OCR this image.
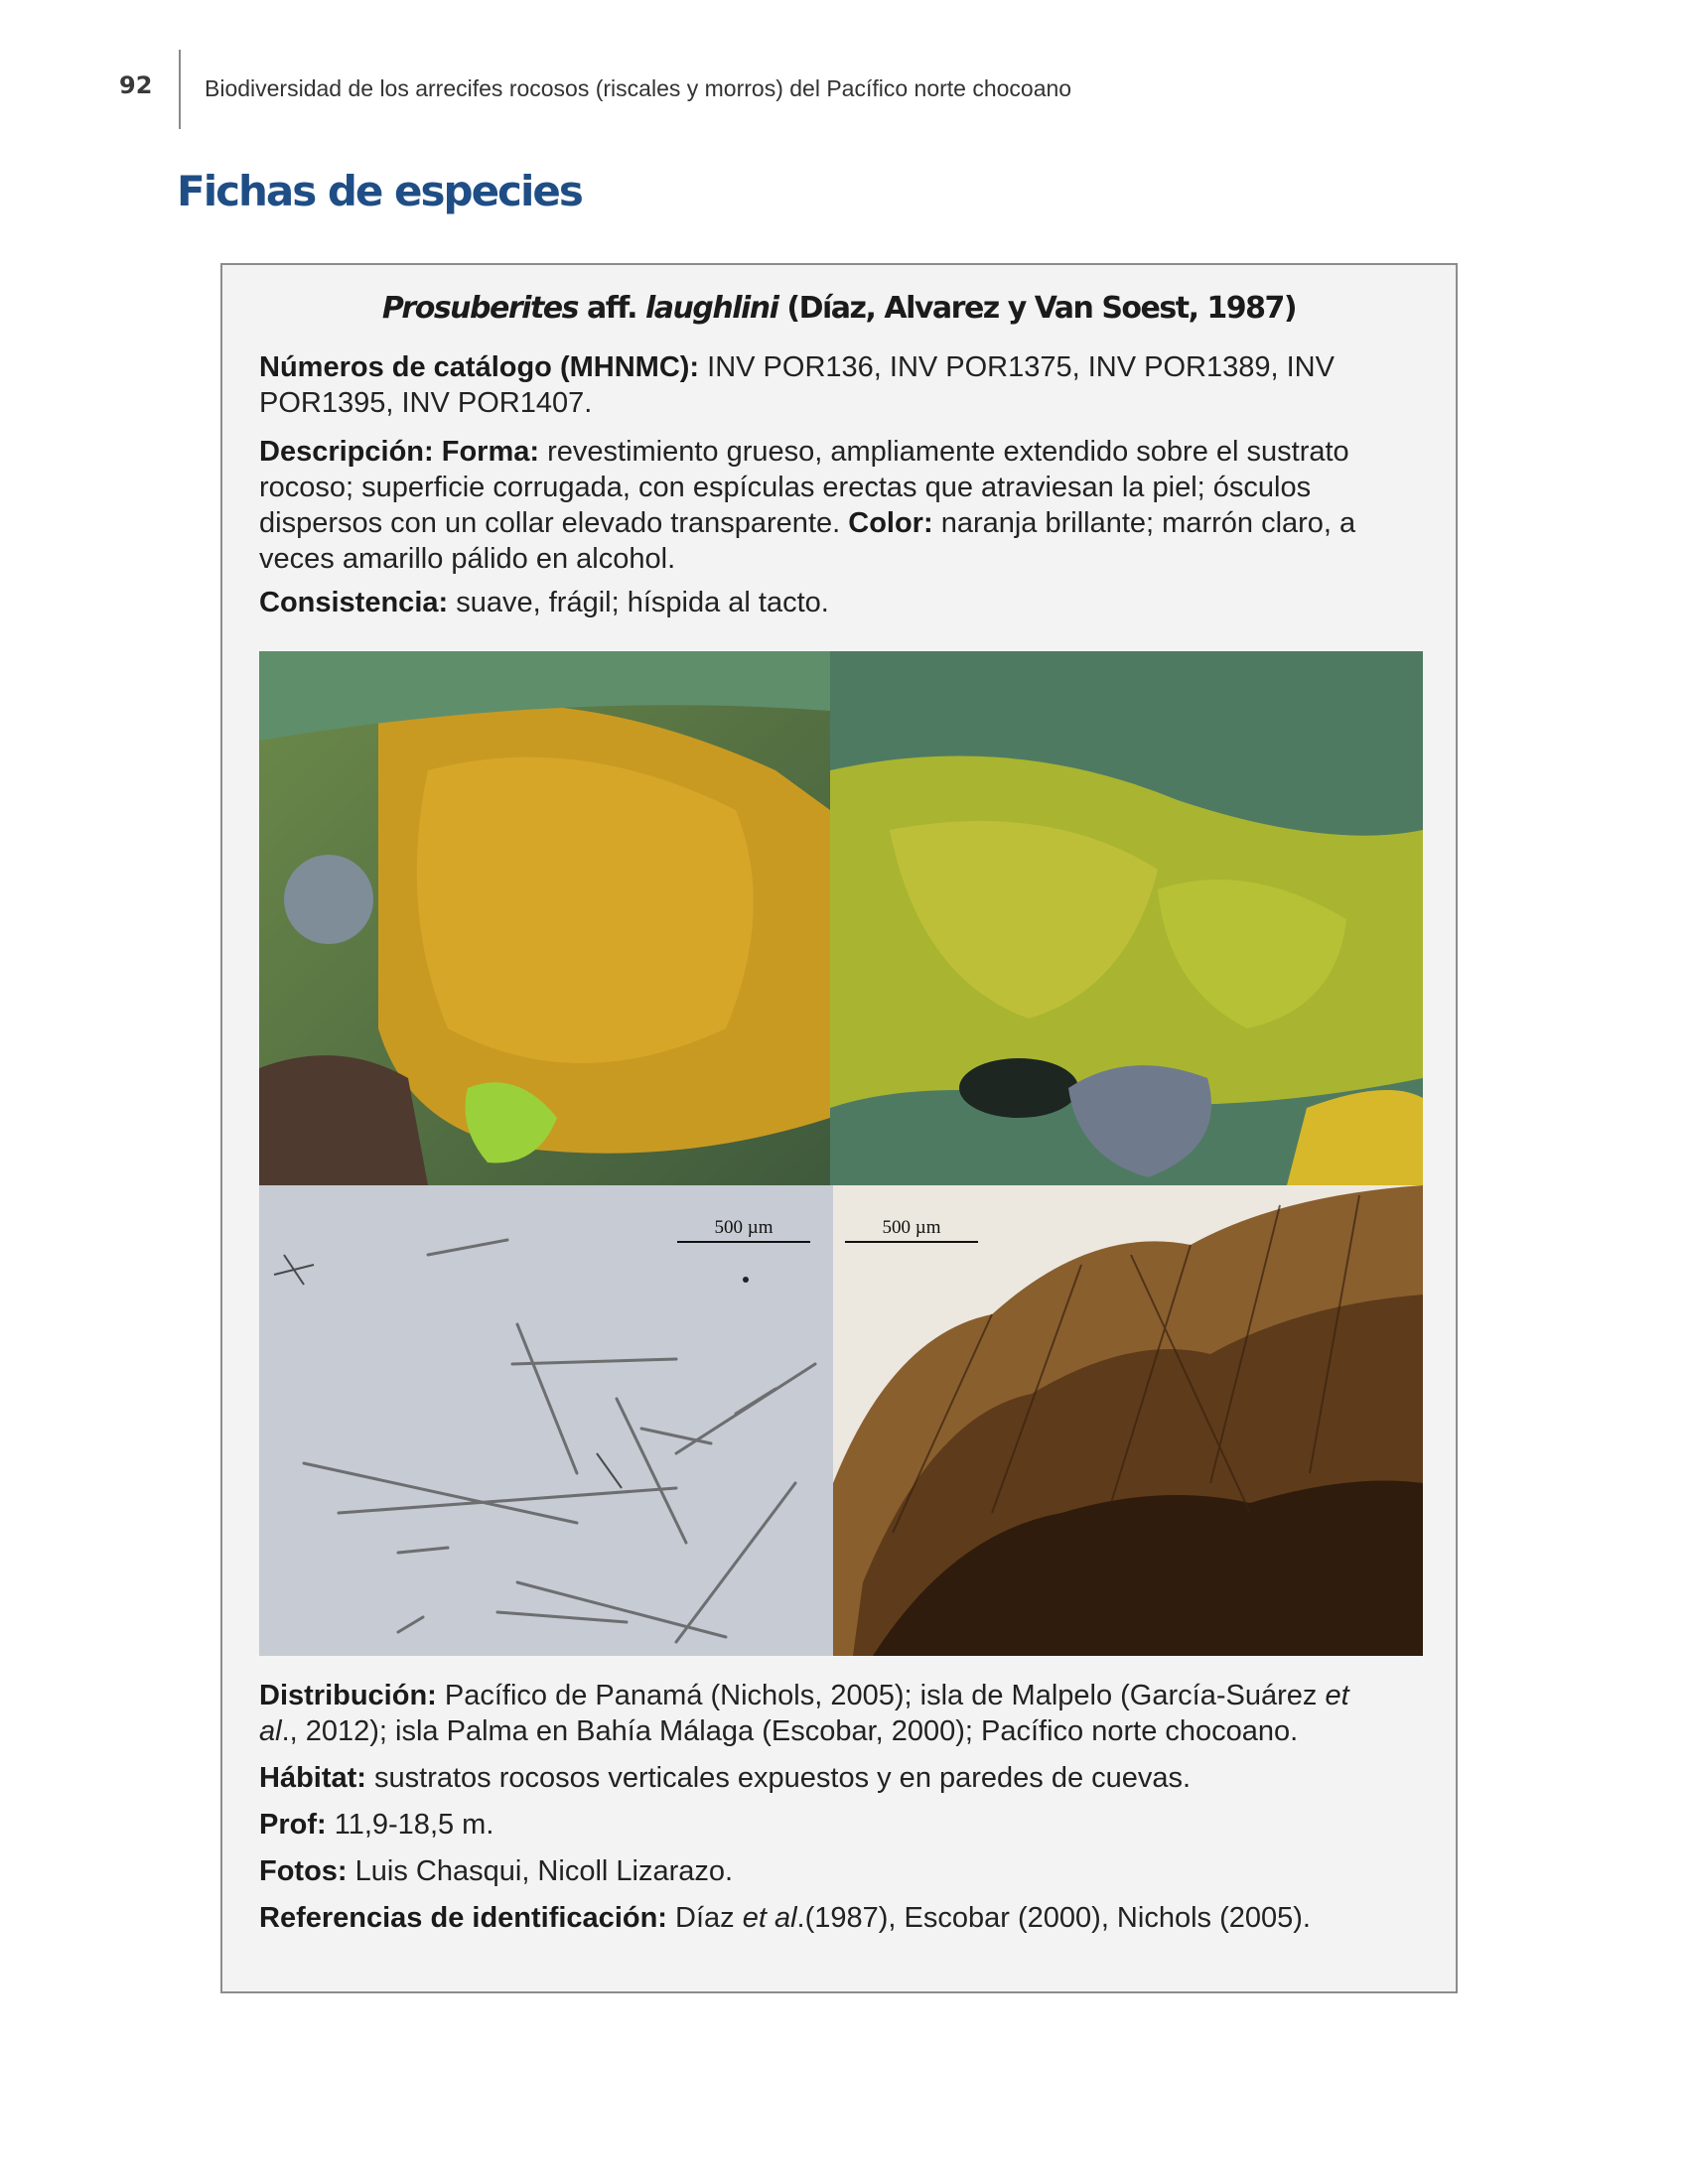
92 Biodiversidad de los arrecifes rocosos (riscales y morros) del Pacífico norte chocoano
Fichas de especies
Prosuberites aff. laughlini (Díaz, Alvarez y Van Soest, 1987)
Números de catálogo (MHNMC): INV POR136, INV POR1375, INV POR1389, INV POR1395, INV POR1407.
Descripción: Forma: revestimiento grueso, ampliamente extendido sobre el sustrato rocoso; superficie corrugada, con espículas erectas que atraviesan la piel; ósculos dispersos con un collar elevado transparente. Color: naranja brillante; marrón claro, a veces amarillo pálido en alcohol.
Consistencia: suave, frágil; híspida al tacto.
500 µm	500 µm
Distribución: Pacífico de Panamá (Nichols, 2005); isla de Malpelo (García-Suárez et al., 2012); isla Palma en Bahía Málaga (Escobar, 2000); Pacífico norte chocoano.
Hábitat: sustratos rocosos verticales expuestos y en paredes de cuevas.
Prof: 11,9-18,5 m.
Fotos: Luis Chasqui, Nicoll Lizarazo.
Referencias de identificación: Díaz et al.(1987), Escobar (2000), Nichols (2005).
